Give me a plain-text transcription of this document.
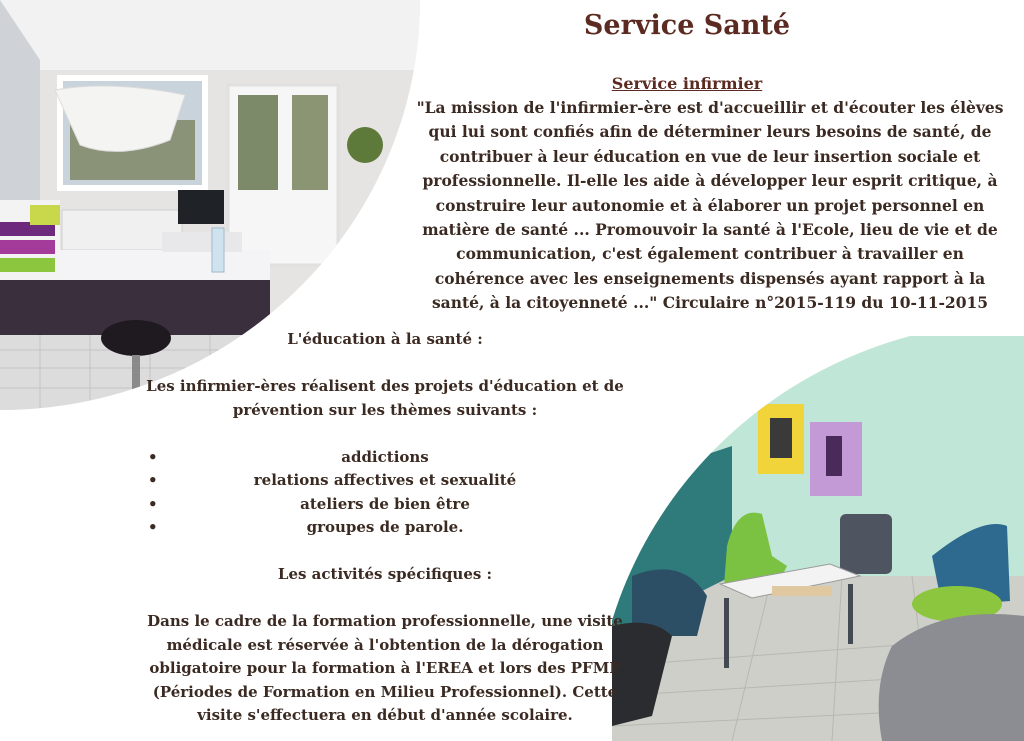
Service Santé
Service infirmier

"La mission de l'infirmier-ère est d'accueillir et d'écouter les élèves
qui lui sont confiés afin de déterminer leurs besoins de santé, de
contribuer à leur éducation en vue de leur insertion sociale et
professionnelle. Il-elle les aide à développer leur esprit critique, à
construire leur autonomie et à élaborer un projet personnel en
matière de santé ... Promouvoir la santé à l'Ecole, lieu de vie et de
communication, c'est également contribuer à travailler en
cohérence avec les enseignements dispensés ayant rapport à la
santé, à la citoyenneté ..." Circulaire n°2015-119 du 10-11-2015

L'éducation à la santé :

Les infirmier-ères réalisent des projets d'éducation et de
prévention sur les thèmes suivants :

•	addictions
•	relations affectives et sexualité
•	ateliers de bien être
•	groupes de parole.

Les activités spécifiques :

Dans le cadre de la formation professionnelle, une visite
médicale est réservée à l'obtention de la dérogation
obligatoire pour la formation à l'EREA et lors des PFMP
(Périodes de Formation en Milieu Professionnel). Cette
visite s'effectuera en début d'année scolaire.
